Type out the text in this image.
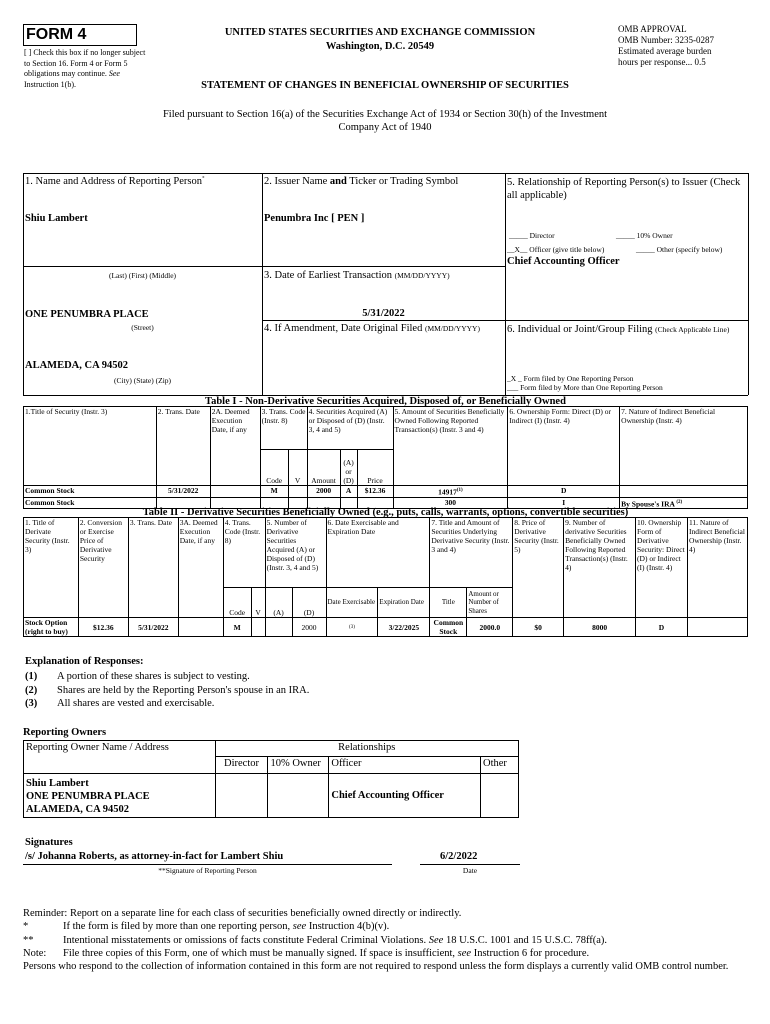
FORM 4
[ ] Check this box if no longer subject to Section 16. Form 4 or Form 5 obligations may continue. See Instruction 1(b).
UNITED STATES SECURITIES AND EXCHANGE COMMISSION
Washington, D.C. 20549
STATEMENT OF CHANGES IN BENEFICIAL OWNERSHIP OF SECURITIES
OMB APPROVAL
OMB Number: 3235-0287
Estimated average burden
hours per response... 0.5
Filed pursuant to Section 16(a) of the Securities Exchange Act of 1934 or Section 30(h) of the Investment Company Act of 1940
1. Name and Address of Reporting Person*
Shiu Lambert
(Last) (First) (Middle)
ONE PENUMBRA PLACE
(Street)
ALAMEDA, CA 94502
(City) (State) (Zip)
2. Issuer Name and Ticker or Trading Symbol
Penumbra Inc [ PEN ]
3. Date of Earliest Transaction (MM/DD/YYYY)
5/31/2022
4. If Amendment, Date Original Filed (MM/DD/YYYY)
5. Relationship of Reporting Person(s) to Issuer (Check all applicable)
_____ Director	_____ 10% Owner
__X__ Officer (give title below)	_____ Other (specify below)
Chief Accounting Officer
6. Individual or Joint/Group Filing (Check Applicable Line)
_X _ Form filed by One Reporting Person
___ Form filed by More than One Reporting Person
Table I - Non-Derivative Securities Acquired, Disposed of, or Beneficially Owned
1.Title of Security (Instr. 3)	2. Trans. Date	2A. Deemed Execution Date, if any	3. Trans. Code (Instr. 8)		4. Securities Acquired (A) or Disposed of (D) (Instr. 3, 4 and 5)			5. Amount of Securities Beneficially Owned Following Reported Transaction(s) (Instr. 3 and 4)	6. Ownership Form: Direct (D) or Indirect (I) (Instr. 4)	7. Nature of Indirect Beneficial Ownership (Instr. 4)
			Code	V	Amount	(A) or (D)	Price			
Common Stock	5/31/2022		M		2000	A	$12.36	14917$^{(1)}$	D	
Common Stock								300	I	By Spouse's IRA $^{(2)}$
Table II - Derivative Securities Beneficially Owned (e.g., puts, calls, warrants, options, convertible securities)
1. Title of Derivate Security (Instr. 3)	2. Conversion or Exercise Price of Derivative Security	3. Trans. Date	3A. Deemed Execution Date, if any	4. Trans. Code (Instr. 8)		5. Number of Derivative Securities Acquired (A) or Disposed of (D) (Instr. 3, 4 and 5)		6. Date Exercisable and Expiration Date		7. Title and Amount of Securities Underlying Derivative Security (Instr. 3 and 4)		8. Price of Derivative Security (Instr. 5)	9. Number of derivative Securities Beneficially Owned Following Reported Transaction(s) (Instr. 4)	10. Ownership Form of Derivative Security: Direct (D) or Indirect (I) (Instr. 4)	11. Nature of Indirect Beneficial Ownership (Instr. 4)
				Code	V	(A)	(D)	Date Exercisable	Expiration Date	Title	Amount or Number of Shares				
Stock Option (right to buy)	$12.36	5/31/2022		M			2000	(3)	3/22/2025	Common Stock	2000.0	$0	8000	D	
Explanation of Responses:
(1) A portion of these shares is subject to vesting.
(2) Shares are held by the Reporting Person's spouse in an IRA.
(3) All shares are vested and exercisable.
Reporting Owners
Reporting Owner Name / Address	Relationships			
	Director	10% Owner	Officer	Other

Shiu Lambert
ONE PENUMBRA PLACE
ALAMEDA, CA 94502			Chief Accounting Officer	
Signatures
/s/ Johanna Roberts, as attorney-in-fact for Lambert Shiu	6/2/2022
**Signature of Reporting Person	Date
Reminder: Report on a separate line for each class of securities beneficially owned directly or indirectly.
*	If the form is filed by more than one reporting person, see Instruction 4(b)(v).
**	Intentional misstatements or omissions of facts constitute Federal Criminal Violations. See 18 U.S.C. 1001 and 15 U.S.C. 78ff(a).
Note: File three copies of this Form, one of which must be manually signed. If space is insufficient, see Instruction 6 for procedure.
Persons who respond to the collection of information contained in this form are not required to respond unless the form displays a currently valid OMB control number.
